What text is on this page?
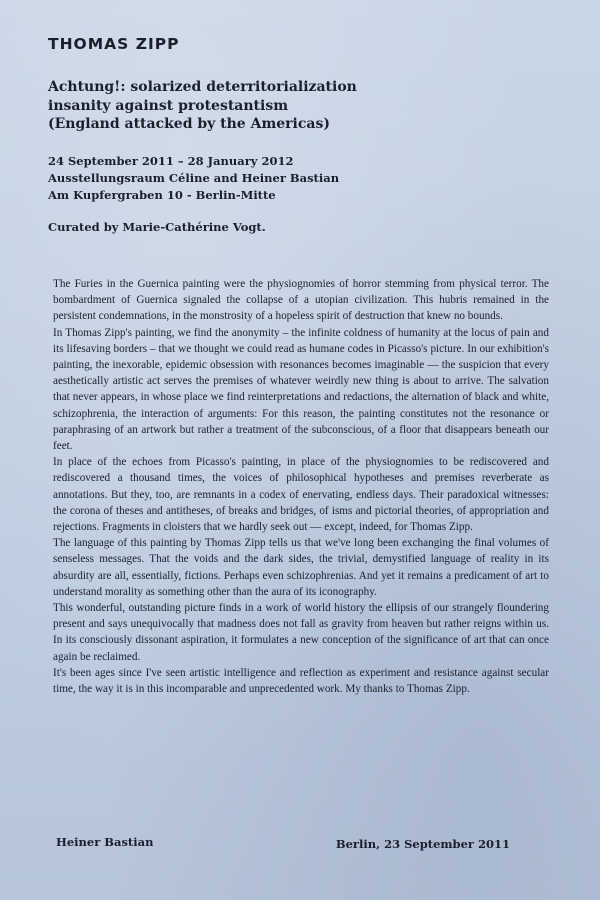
THOMAS ZIPP
Achtung!: solarized deterritorialization
insanity against protestantism
(England attacked by the Americas)
24 September 2011 – 28 January 2012
Ausstellungsraum Céline and Heiner Bastian
Am Kupfergraben 10 - Berlin-Mitte
Curated by Marie-Cathérine Vogt.

The Furies in the Guernica painting were the physiognomies of horror stemming from physical terror. The bombardment of Guernica signaled the collapse of a utopian civilization. This hubris remained in the persistent condemnations, in the monstrosity of a hopeless spirit of destruction that knew no bounds.

In Thomas Zipp's painting, we find the anonymity – the infinite coldness of humanity at the locus of pain and its lifesaving borders – that we thought we could read as humane codes in Picasso's picture. In our exhibition's painting, the inexorable, epidemic obsession with resonances becomes imaginable — the suspicion that every aesthetically artistic act serves the premises of whatever weirdly new thing is about to arrive. The salvation that never appears, in whose place we find reinterpretations and redactions, the alternation of black and white, schizophrenia, the interaction of arguments: For this reason, the painting constitutes not the resonance or paraphrasing of an artwork but rather a treatment of the subconscious, of a floor that disappears beneath our feet.

In place of the echoes from Picasso's painting, in place of the physiognomies to be rediscovered and rediscovered a thousand times, the voices of philosophical hypotheses and premises reverberate as annotations. But they, too, are remnants in a codex of enervating, endless days. Their paradoxical witnesses: the corona of theses and antitheses, of breaks and bridges, of isms and pictorial theories, of appropriation and rejections. Fragments in cloisters that we hardly seek out — except, indeed, for Thomas Zipp.

The language of this painting by Thomas Zipp tells us that we've long been exchanging the final volumes of senseless messages. That the voids and the dark sides, the trivial, demystified language of reality in its absurdity are all, essentially, fictions. Perhaps even schizophrenias. And yet it remains a predicament of art to understand morality as something other than the aura of its iconography.

This wonderful, outstanding picture finds in a work of world history the ellipsis of our strangely floundering present and says unequivocally that madness does not fall as gravity from heaven but rather reigns within us. In its consciously dissonant aspiration, it formulates a new conception of the significance of art that can once again be reclaimed.

It's been ages since I've seen artistic intelligence and reflection as experiment and resistance against secular time, the way it is in this incomparable and unprecedented work. My thanks to Thomas Zipp.

Heiner Bastian	Berlin, 23 September 2011
